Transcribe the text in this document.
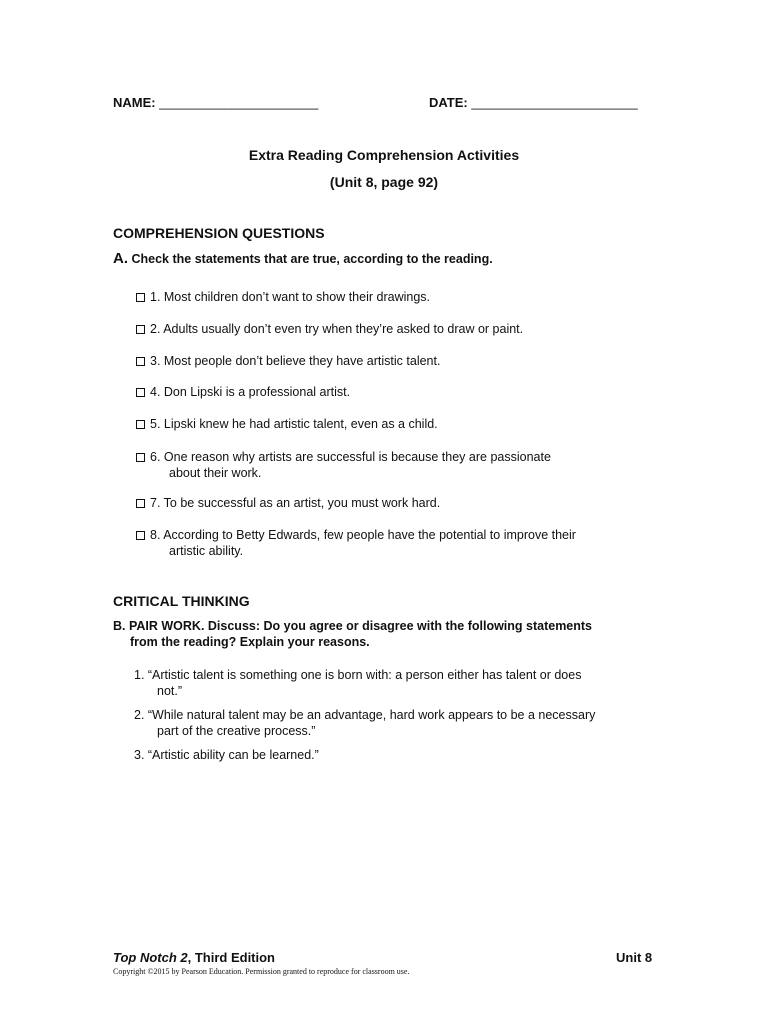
NAME: ______________________	DATE: _______________________
Extra Reading Comprehension Activities
(Unit 8, page 92)
COMPREHENSION QUESTIONS
A. Check the statements that are true, according to the reading.
1. Most children don’t want to show their drawings.
2. Adults usually don’t even try when they’re asked to draw or paint.
3. Most people don’t believe they have artistic talent.
4. Don Lipski is a professional artist.
5. Lipski knew he had artistic talent, even as a child.
6. One reason why artists are successful is because they are passionate
about their work.
7. To be successful as an artist, you must work hard.
8. According to Betty Edwards, few people have the potential to improve their
artistic ability.
CRITICAL THINKING
B. PAIR WORK. Discuss: Do you agree or disagree with the following statements
from the reading? Explain your reasons.
1. “Artistic talent is something one is born with: a person either has talent or does
not.”
2. “While natural talent may be an advantage, hard work appears to be a necessary
part of the creative process.”
3. “Artistic ability can be learned.”
Top Notch 2, Third Edition	Unit 8
Copyright ©2015 by Pearson Education. Permission granted to reproduce for classroom use.
